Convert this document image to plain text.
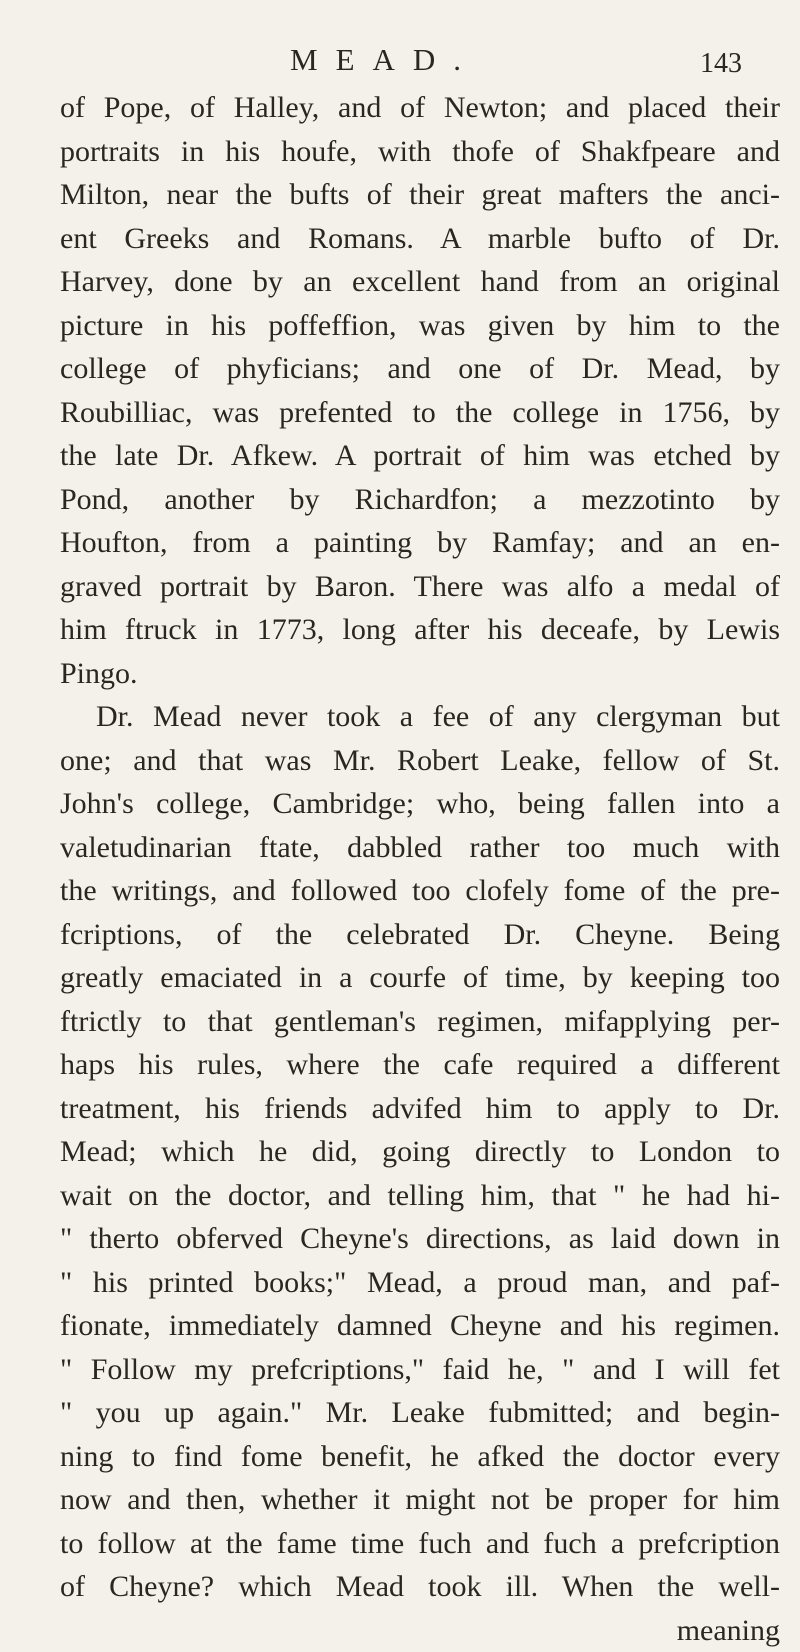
MEAD.	143
of Pope, of Halley, and of Newton; and placed their
portraits in his houfe, with thofe of Shakfpeare and
Milton, near the bufts of their great mafters the anci-
ent Greeks and Romans. A marble bufto of Dr.
Harvey, done by an excellent hand from an original
picture in his poffeffion, was given by him to the
college of phyficians; and one of Dr. Mead, by
Roubilliac, was prefented to the college in 1756, by
the late Dr. Afkew. A portrait of him was etched by
Pond, another by Richardfon; a mezzotinto by
Houfton, from a painting by Ramfay; and an en-
graved portrait by Baron. There was alfo a medal of
him ftruck in 1773, long after his deceafe, by Lewis
Pingo.
Dr. Mead never took a fee of any clergyman but
one; and that was Mr. Robert Leake, fellow of St.
John's college, Cambridge; who, being fallen into a
valetudinarian ftate, dabbled rather too much with
the writings, and followed too clofely fome of the pre-
fcriptions, of the celebrated Dr. Cheyne. Being
greatly emaciated in a courfe of time, by keeping too
ftrictly to that gentleman's regimen, mifapplying per-
haps his rules, where the cafe required a different
treatment, his friends advifed him to apply to Dr.
Mead; which he did, going directly to London to
wait on the doctor, and telling him, that " he had hi-
" therto obferved Cheyne's directions, as laid down in
" his printed books;" Mead, a proud man, and paf-
fionate, immediately damned Cheyne and his regimen.
" Follow my prefcriptions," faid he, " and I will fet
" you up again." Mr. Leake fubmitted; and begin-
ning to find fome benefit, he afked the doctor every
now and then, whether it might not be proper for him
to follow at the fame time fuch and fuch a prefcription
of Cheyne? which Mead took ill. When the well-
meaning
